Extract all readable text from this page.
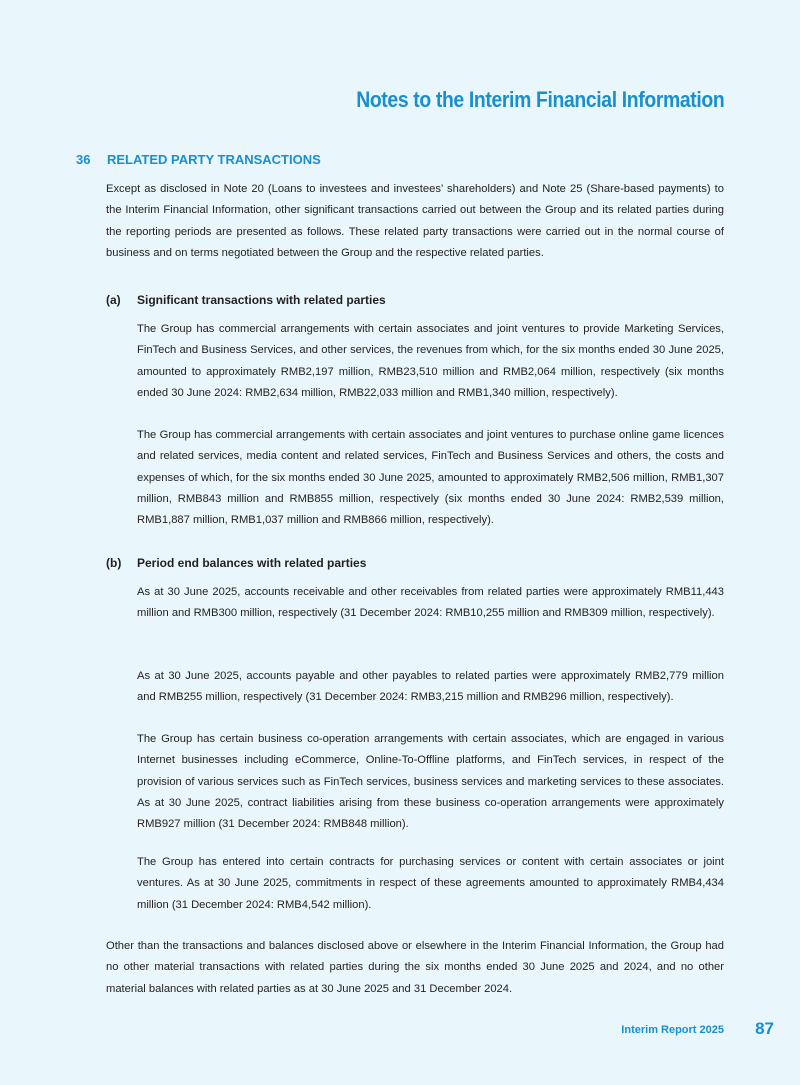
Notes to the Interim Financial Information
36 RELATED PARTY TRANSACTIONS

Except as disclosed in Note 20 (Loans to investees and investees’ shareholders) and Note 25 (Share-based payments) to the Interim Financial Information, other significant transactions carried out between the Group and its related parties during the reporting periods are presented as follows. These related party transactions were carried out in the normal course of business and on terms negotiated between the Group and the respective related parties.

(a) Significant transactions with related parties

The Group has commercial arrangements with certain associates and joint ventures to provide Marketing Services, FinTech and Business Services, and other services, the revenues from which, for the six months ended 30 June 2025, amounted to approximately RMB2,197 million, RMB23,510 million and RMB2,064 million, respectively (six months ended 30 June 2024: RMB2,634 million, RMB22,033 million and RMB1,340 million, respectively).

The Group has commercial arrangements with certain associates and joint ventures to purchase online game licences and related services, media content and related services, FinTech and Business Services and others, the costs and expenses of which, for the six months ended 30 June 2025, amounted to approximately RMB2,506 million, RMB1,307 million, RMB843 million and RMB855 million, respectively (six months ended 30 June 2024: RMB2,539 million, RMB1,887 million, RMB1,037 million and RMB866 million, respectively).

(b) Period end balances with related parties

As at 30 June 2025, accounts receivable and other receivables from related parties were approximately RMB11,443 million and RMB300 million, respectively (31 December 2024: RMB10,255 million and RMB309 million, respectively).

As at 30 June 2025, accounts payable and other payables to related parties were approximately RMB2,779 million and RMB255 million, respectively (31 December 2024: RMB3,215 million and RMB296 million, respectively).

The Group has certain business co-operation arrangements with certain associates, which are engaged in various Internet businesses including eCommerce, Online-To-Offline platforms, and FinTech services, in respect of the provision of various services such as FinTech services, business services and marketing services to these associates. As at 30 June 2025, contract liabilities arising from these business co-operation arrangements were approximately RMB927 million (31 December 2024: RMB848 million).

The Group has entered into certain contracts for purchasing services or content with certain associates or joint ventures. As at 30 June 2025, commitments in respect of these agreements amounted to approximately RMB4,434 million (31 December 2024: RMB4,542 million).

Other than the transactions and balances disclosed above or elsewhere in the Interim Financial Information, the Group had no other material transactions with related parties during the six months ended 30 June 2025 and 2024, and no other material balances with related parties as at 30 June 2025 and 31 December 2024.

Interim Report 2025 87
